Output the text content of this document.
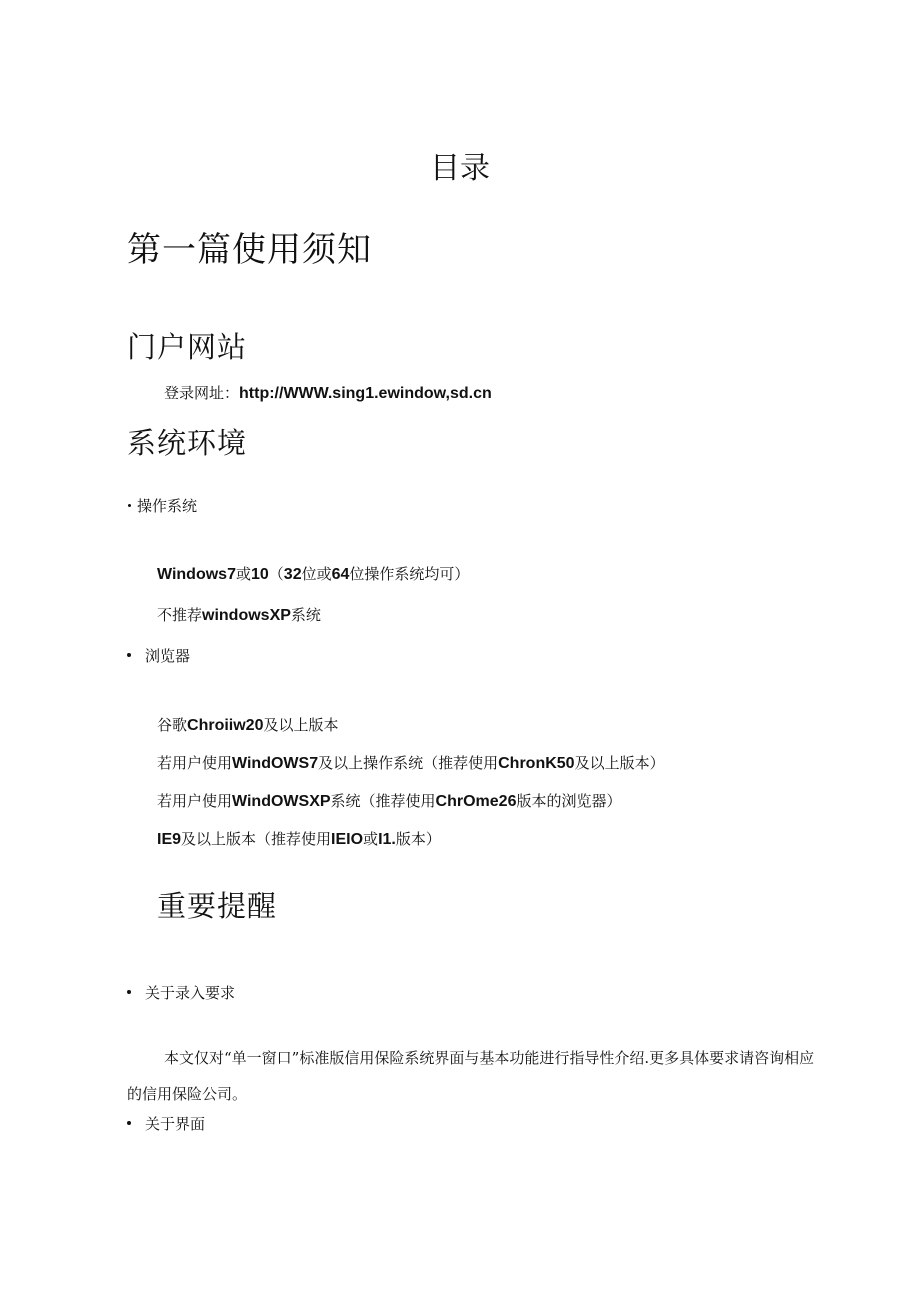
目录
第一篇使用须知
门户网站
登录网址：http://WWW.sing1.ewindow,sd.cn
系统环境
操作系统
Windows7或10（32位或64位操作系统均可）
不推荐windowsXP系统
浏览器
谷歌Chroiiw20及以上版本
若用户使用WindOWS7及以上操作系统（推荐使用ChronK50及以上版本）
若用户使用WindOWSXP系统（推荐使用ChrOme26版本的浏览器）
IE9及以上版本（推荐使用IEIO或I1.版本）
重要提醒
关于录入要求
本文仅对“单一窗口”标准版信用保险系统界面与基本功能进行指导性介绍.更多具体要求请咨询相应的信用保险公司。
关于界面
